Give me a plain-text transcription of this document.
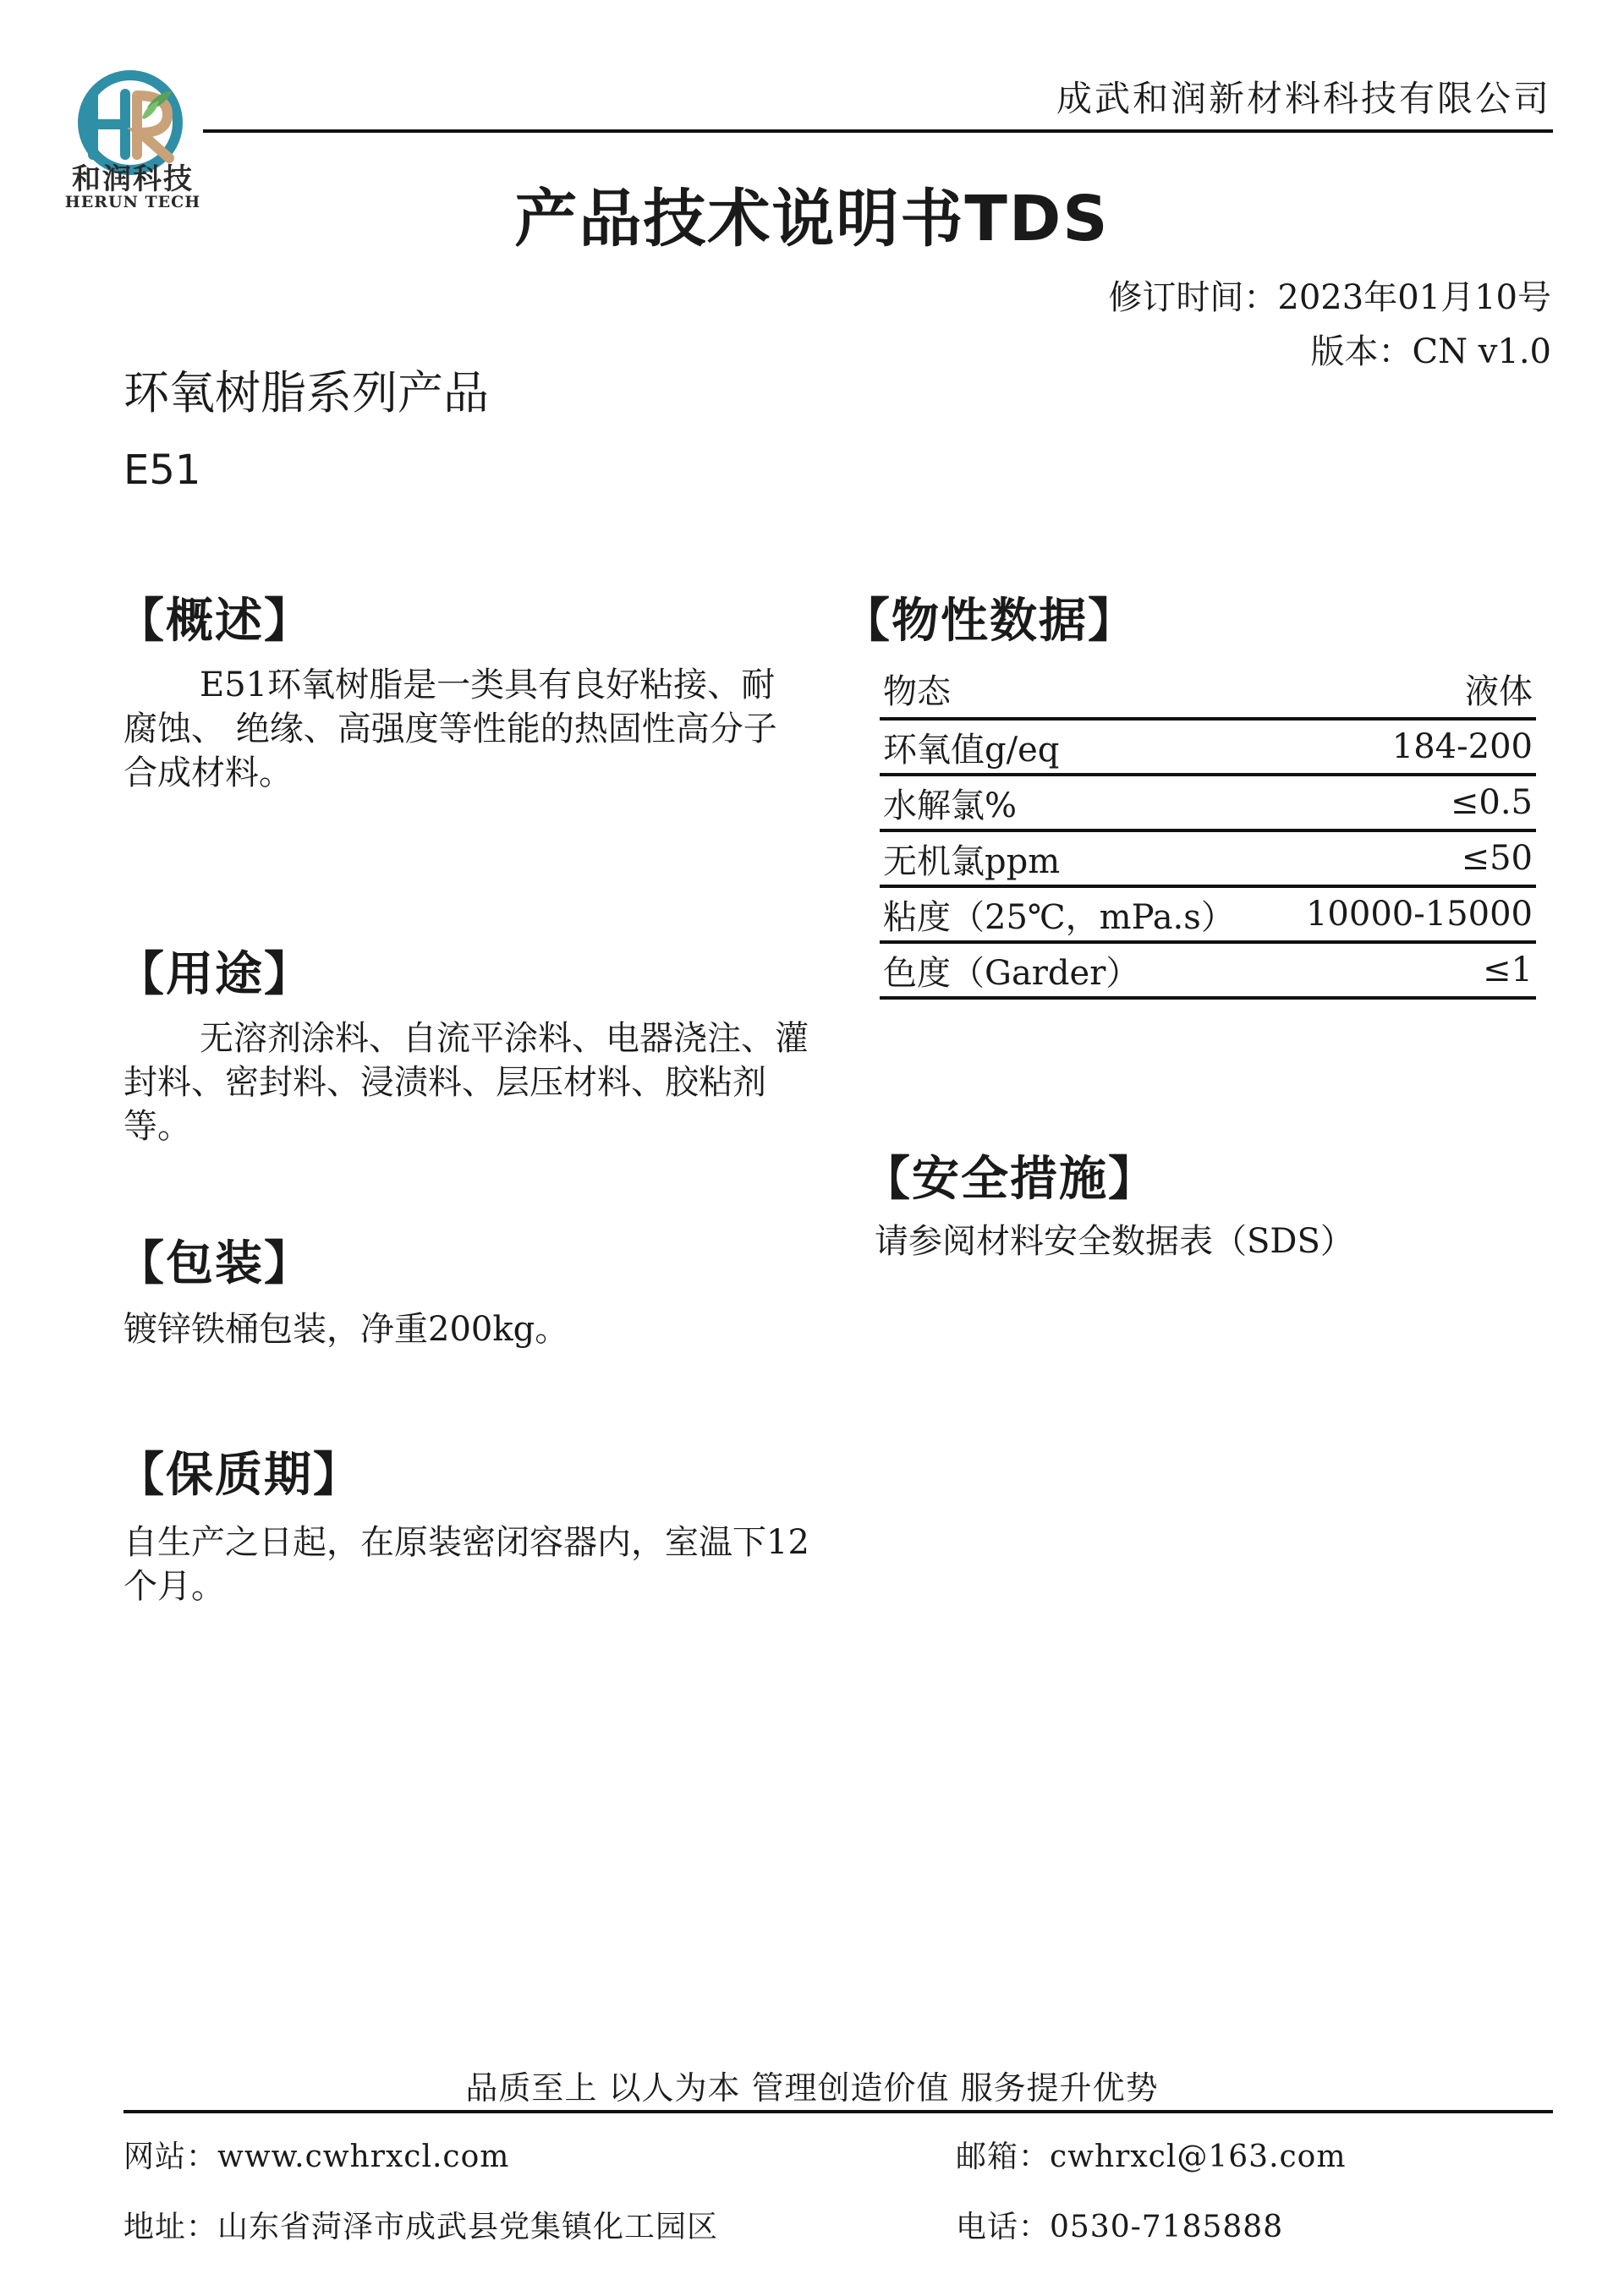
和润科技
HERUN TECH
成武和润新材料科技有限公司
产品技术说明书TDS
修订时间：2023年01月10号
版本：CN v1.0
环氧树脂系列产品
E51
【概述】
E51环氧树脂是一类具有良好粘接、耐腐蚀、 绝缘、高强度等性能的热固性高分子合成材料。
【用途】
无溶剂涂料、自流平涂料、电器浇注、灌封料、密封料、浸渍料、层压材料、胶粘剂等。
【包装】
镀锌铁桶包装，净重200kg。
【保质期】
自生产之日起，在原装密闭容器内，室温下12个月。
【物性数据】
物态	液体
环氧值g/eq	184-200
水解氯%	≤0.5
无机氯ppm	≤50
粘度（25℃，mPa.s） 10000-15000
色度（Garder）	≤1
【安全措施】
请参阅材料安全数据表（SDS）
品质至上 以人为本 管理创造价值 服务提升优势
网站：www.cwhrxcl.com	邮箱：cwhrxcl@163.com
地址：山东省菏泽市成武县党集镇化工园区	电话：0530-7185888
